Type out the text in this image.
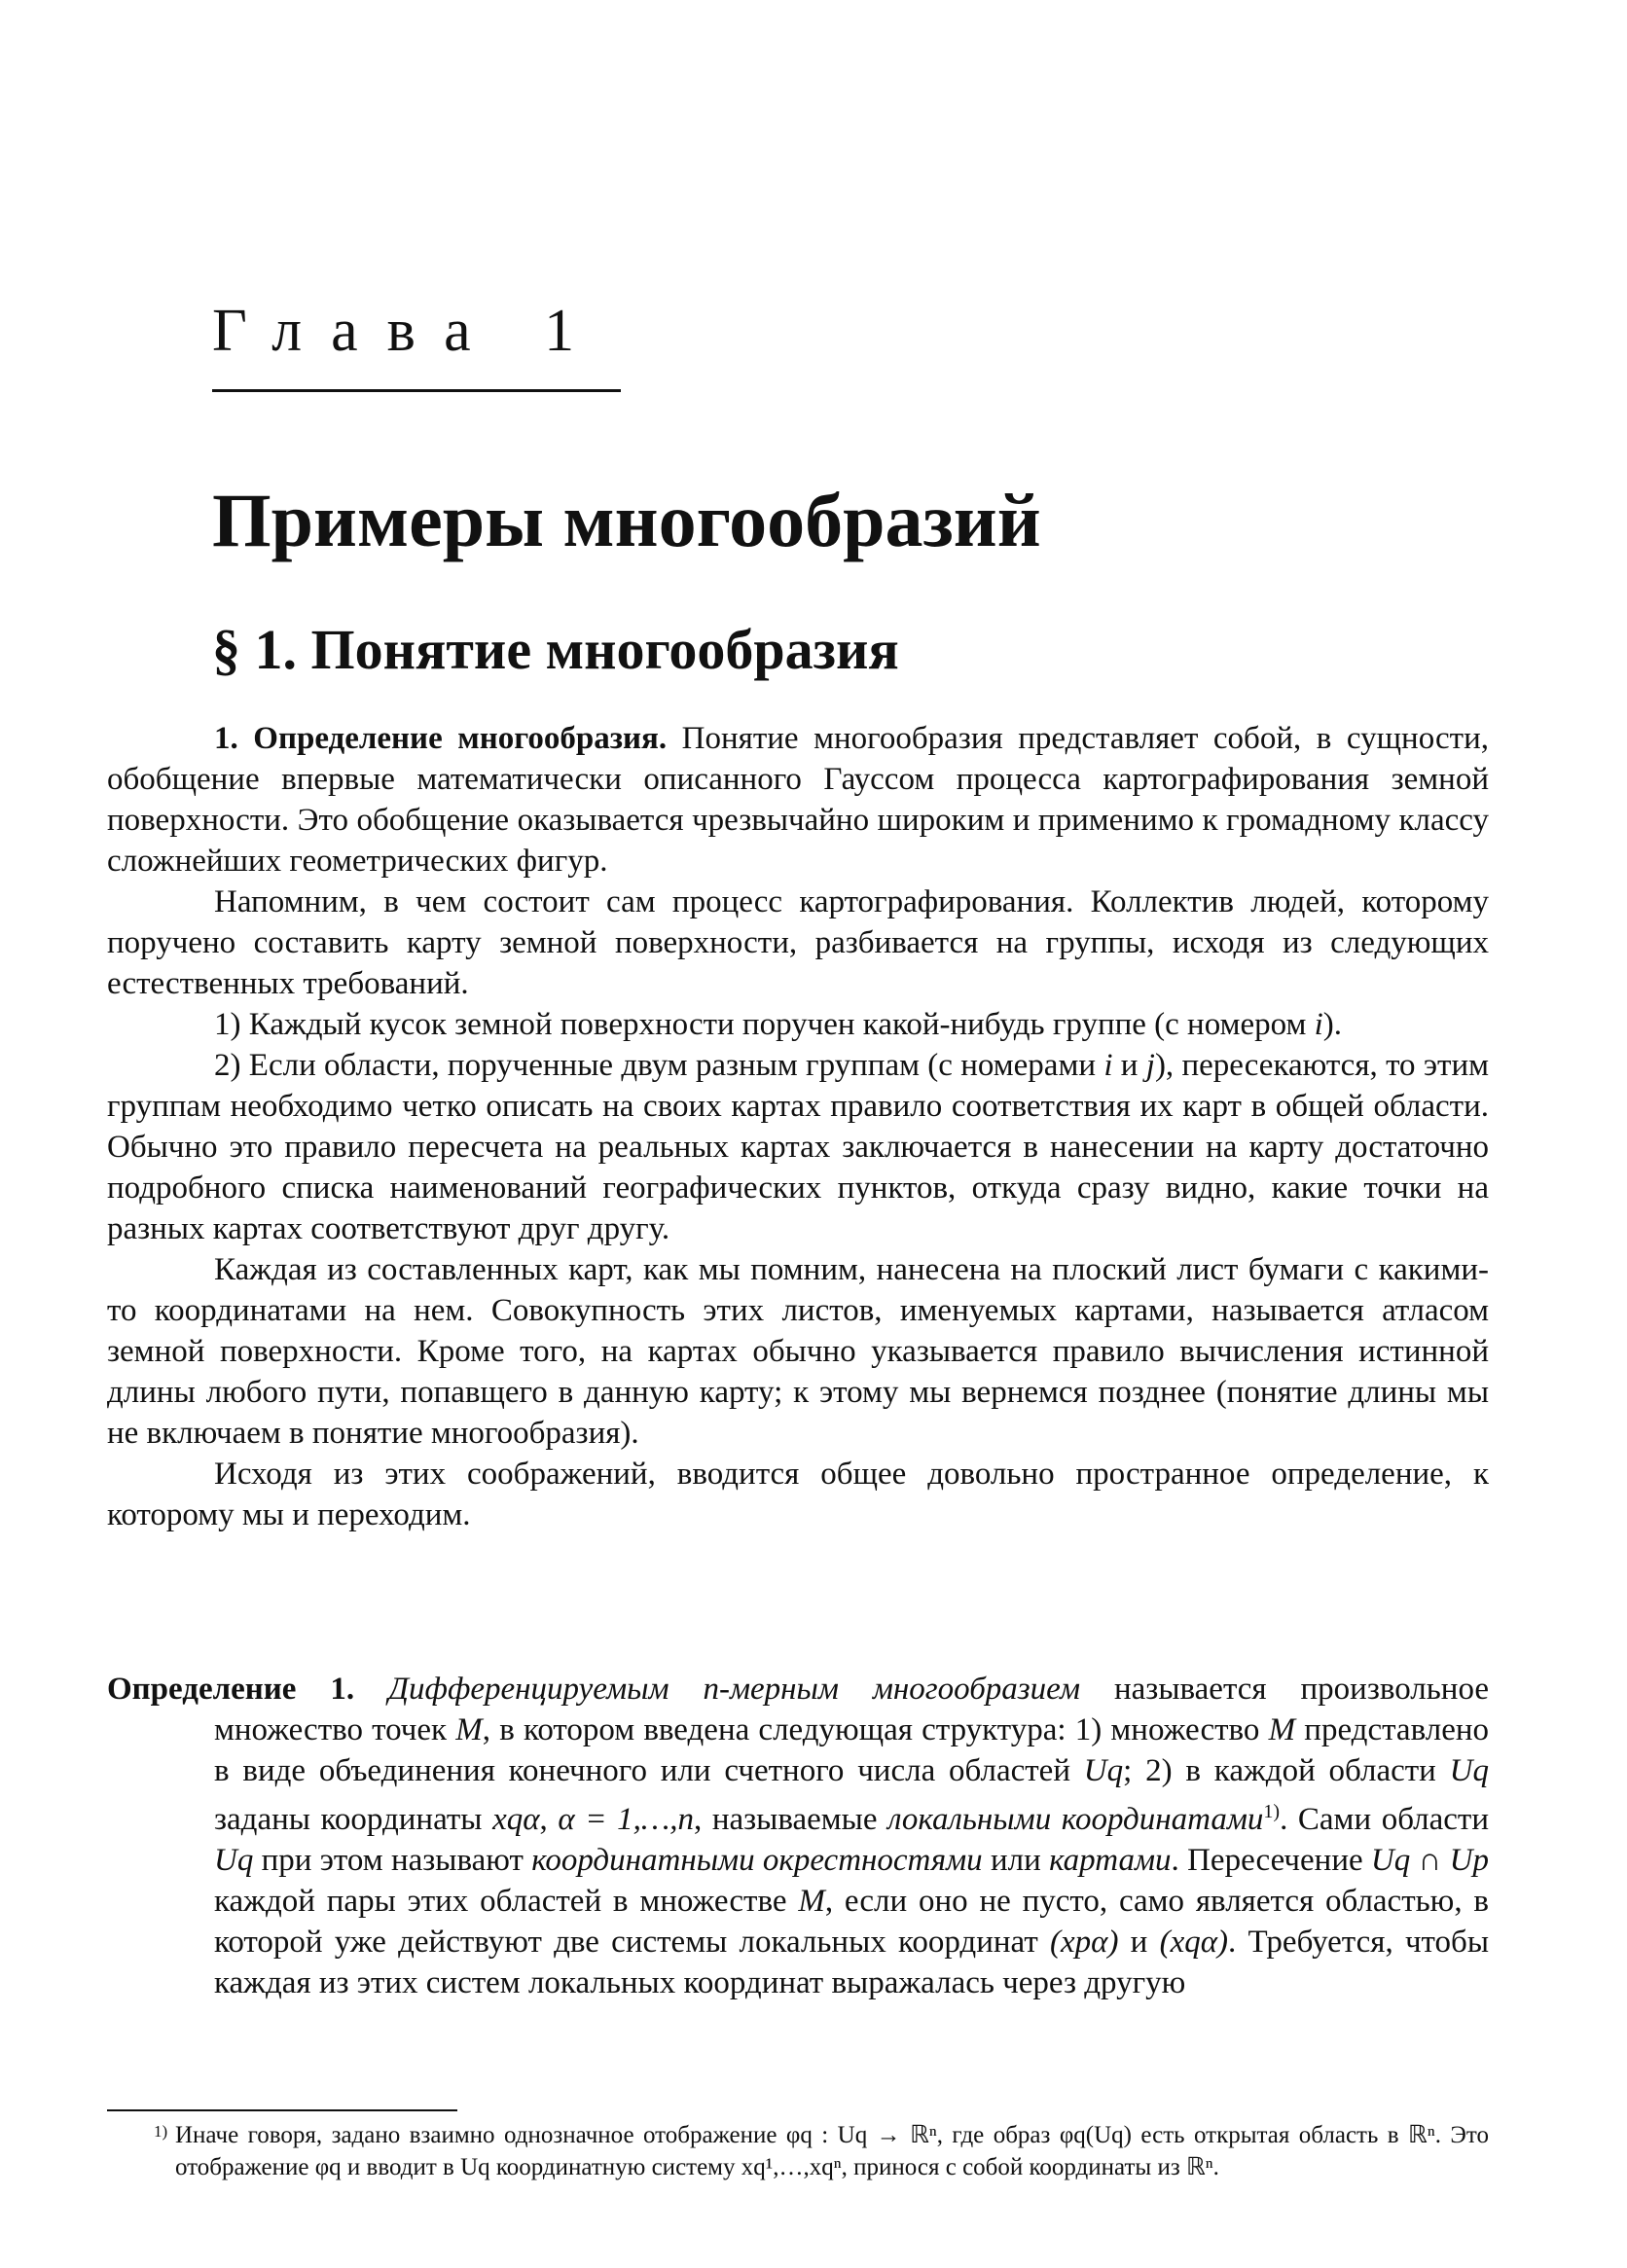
Глава 1
Примеры многообразий
§ 1. Понятие многообразия

1. Определение многообразия. Понятие многообразия представляет собой, в сущности, обобщение впервые математически описанного Гауссом процесса картографирования земной поверхности. Это обобщение оказывается чрезвычайно широким и применимо к громадному классу сложнейших геометрических фигур.

Напомним, в чем состоит сам процесс картографирования. Коллектив людей, которому поручено составить карту земной поверхности, разбивается на группы, исходя из следующих естественных требований.

1) Каждый кусок земной поверхности поручен какой-нибудь группе (с номером i).

2) Если области, порученные двум разным группам (с номерами i и j), пересекаются, то этим группам необходимо четко описать на своих картах правило соответствия их карт в общей области. Обычно это правило пересчета на реальных картах заключается в нанесении на карту достаточно подробного списка наименований географических пунктов, откуда сразу видно, какие точки на разных картах соответствуют друг другу.

Каждая из составленных карт, как мы помним, нанесена на плоский лист бумаги с какими-то координатами на нем. Совокупность этих листов, именуемых картами, называется атласом земной поверхности. Кроме того, на картах обычно указывается правило вычисления истинной длины любого пути, попавщего в данную карту; к этому мы вернемся позднее (понятие длины мы не включаем в понятие многообразия).

Исходя из этих соображений, вводится общее довольно пространное определение, к которому мы и переходим.

Определение 1. Дифференцируемым n-мерным многообразием называется произвольное множество точек M, в котором введена следующая структура: 1) множество M представлено в виде объединения конечного или счетного числа областей Uq; 2) в каждой области Uq заданы координаты xqα, α = 1,…,n, называемые локальными координатами$^{1)}$. Сами области Uq при этом называют координатными окрестностями или картами. Пересечение Uq ∩ Up каждой пары этих областей в множестве M, если оно не пусто, само является областью, в которой уже действуют две системы локальных координат (xpα) и (xqα). Требуется, чтобы каждая из этих систем локальных координат выражалась через другую
1) Иначе говоря, задано взаимно однозначное отображение φq : Uq → ℝⁿ, где образ φq(Uq) есть открытая область в ℝⁿ. Это отображение φq и вводит в Uq координатную систему xq¹,…,xqⁿ, принося с собой координаты из ℝⁿ.
